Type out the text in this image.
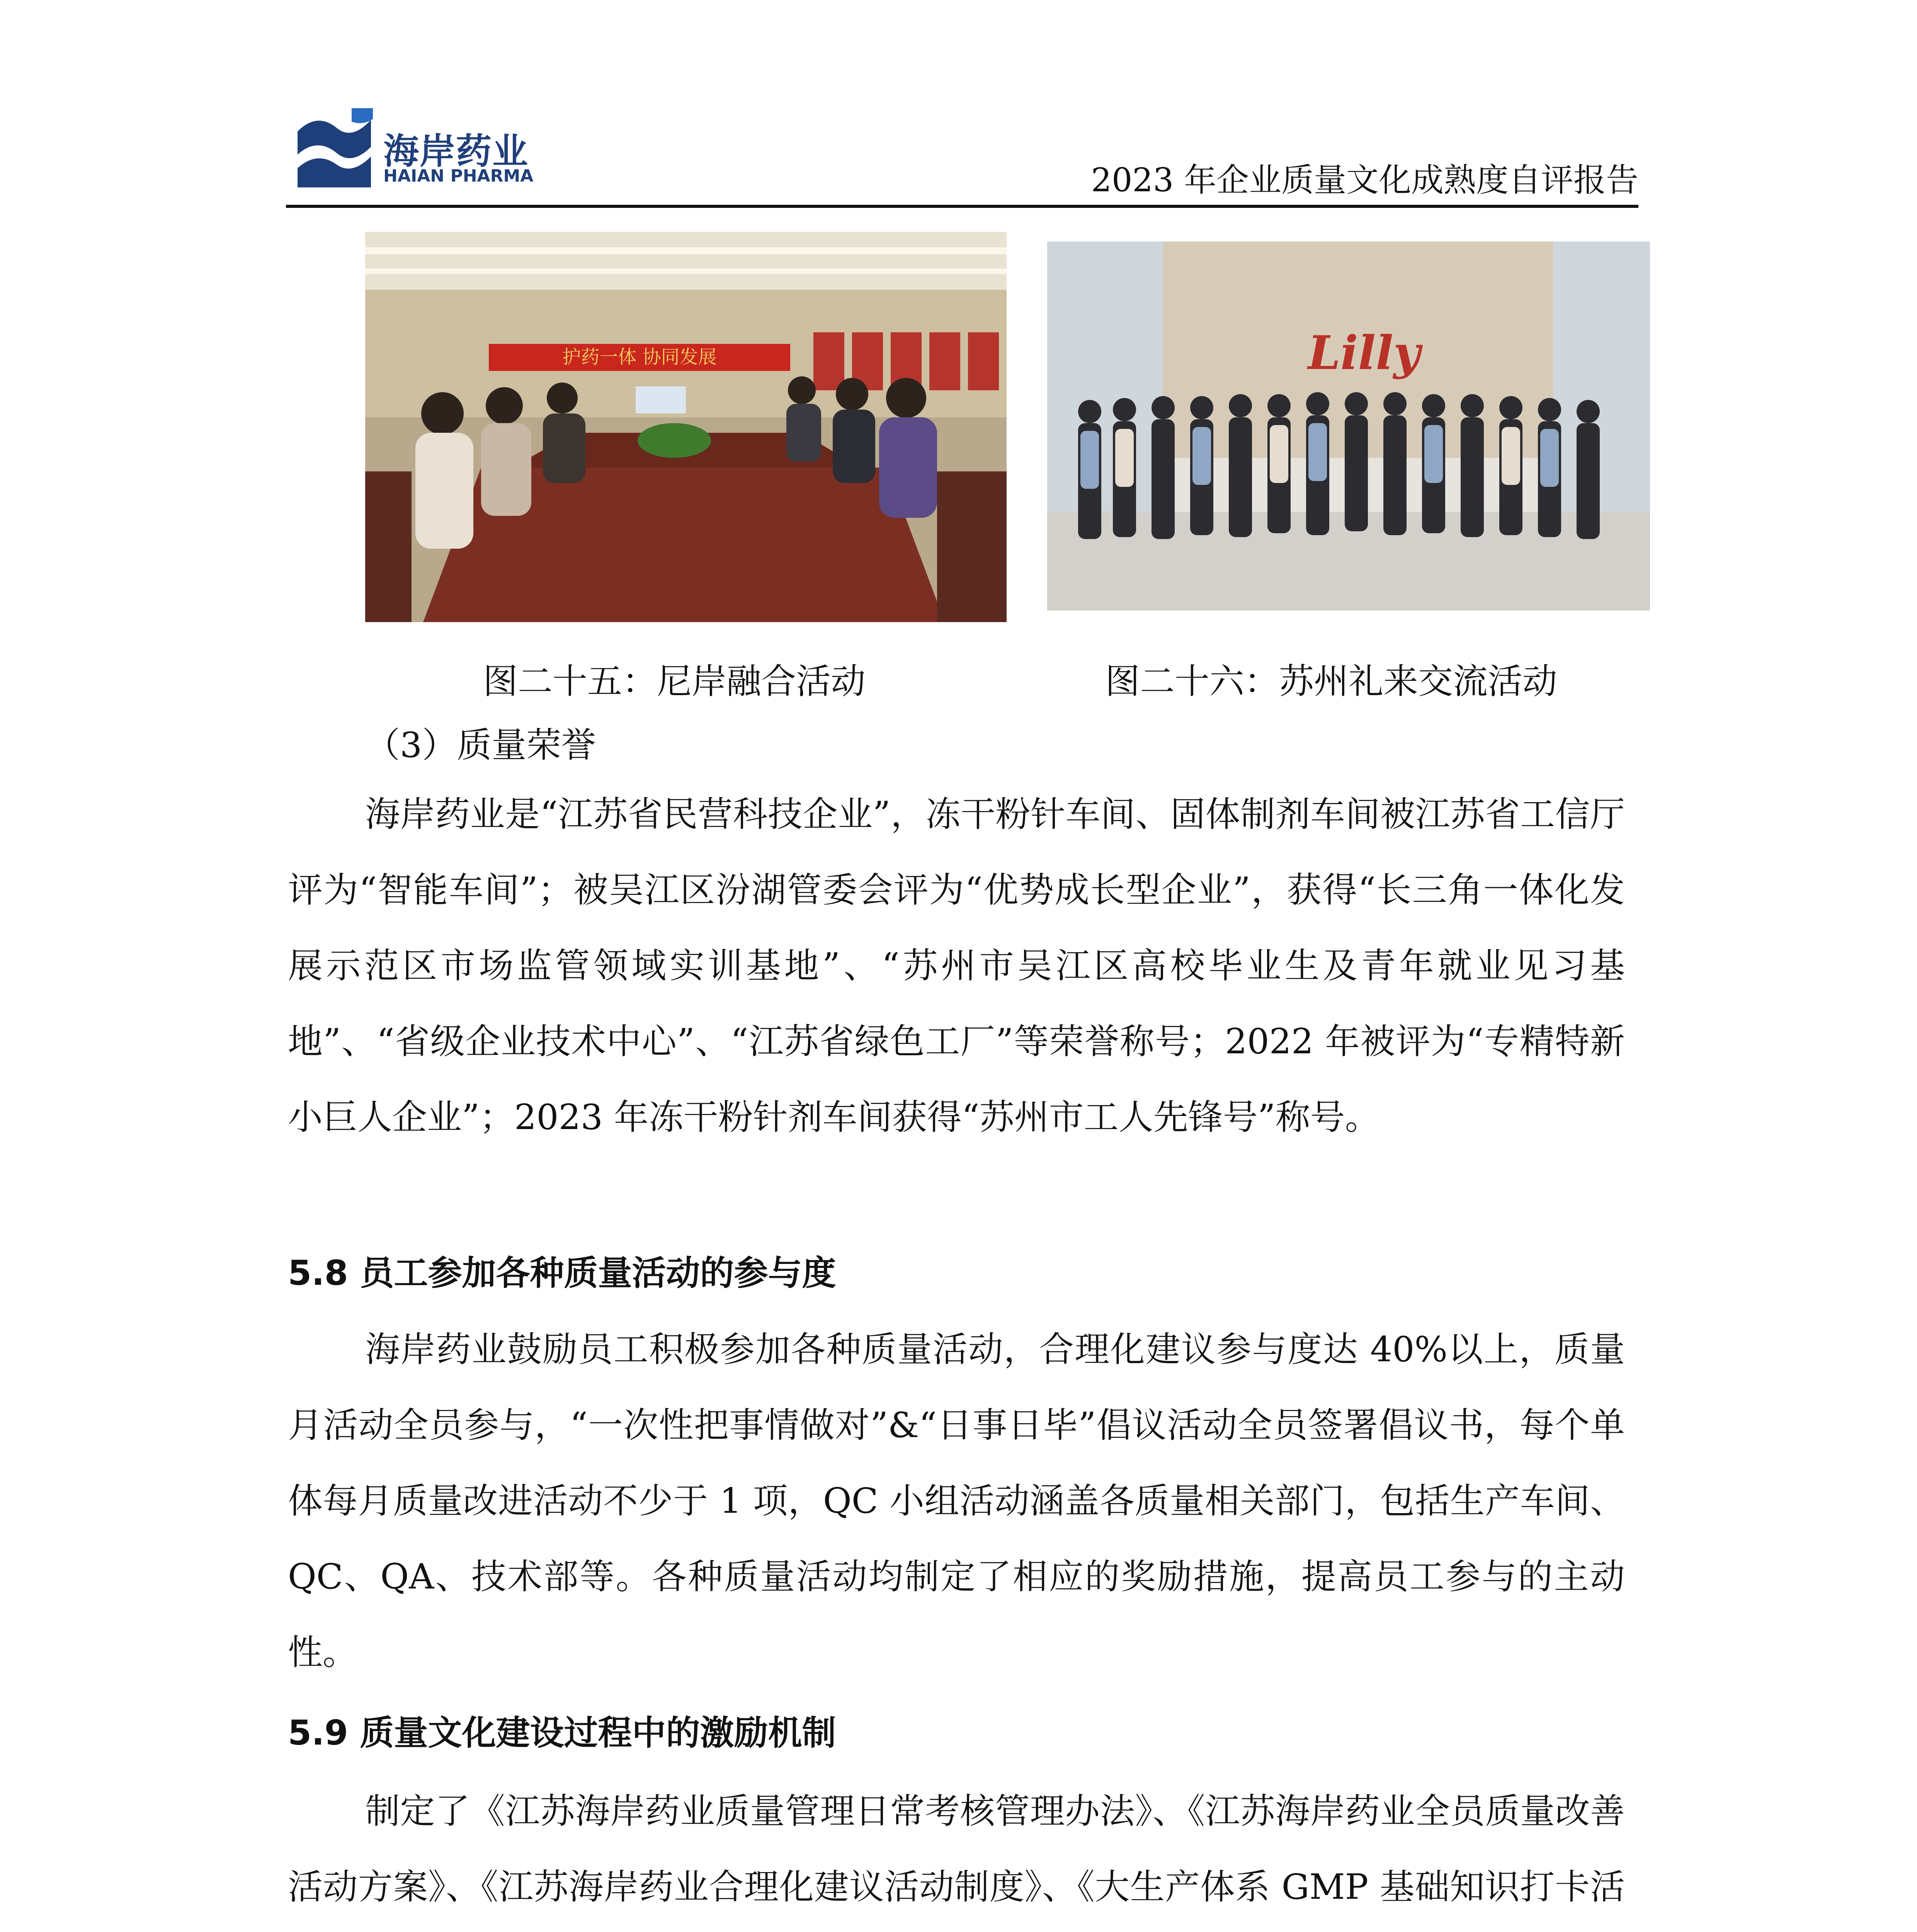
海岸药业
HAIAN PHARMA	2023 年企业质量文化成熟度自评报告
护药一体 协同发展	Lilly
图二十五：尼岸融合活动	图二十六：苏州礼来交流活动
（3）质量荣誉

海岸药业是“江苏省民营科技企业”，冻干粉针车间、固体制剂车间被江苏省工信厅评为“智能车间”；被吴江区汾湖管委会评为“优势成长型企业”，获得“长三角一体化发展示范区市场监管领域实训基地”、“苏州市吴江区高校毕业生及青年就业见习基地”、“省级企业技术中心”、“江苏省绿色工厂”等荣誉称号；2022 年被评为“专精特新小巨人企业”；2023 年冻干粉针剂车间获得“苏州市工人先锋号”称号。

5.8 员工参加各种质量活动的参与度

海岸药业鼓励员工积极参加各种质量活动，合理化建议参与度达 40%以上，质量月活动全员参与，“一次性把事情做对”&“日事日毕”倡议活动全员签署倡议书，每个单体每月质量改进活动不少于 1 项，QC 小组活动涵盖各质量相关部门，包括生产车间、QC、QA、技术部等。各种质量活动均制定了相应的奖励措施，提高员工参与的主动性。

5.9 质量文化建设过程中的激励机制

制定了《江苏海岸药业质量管理日常考核管理办法》、《江苏海岸药业全员质量改善活动方案》、《江苏海岸药业合理化建议活动制度》、《大生产体系 GMP 基础知识打卡活
